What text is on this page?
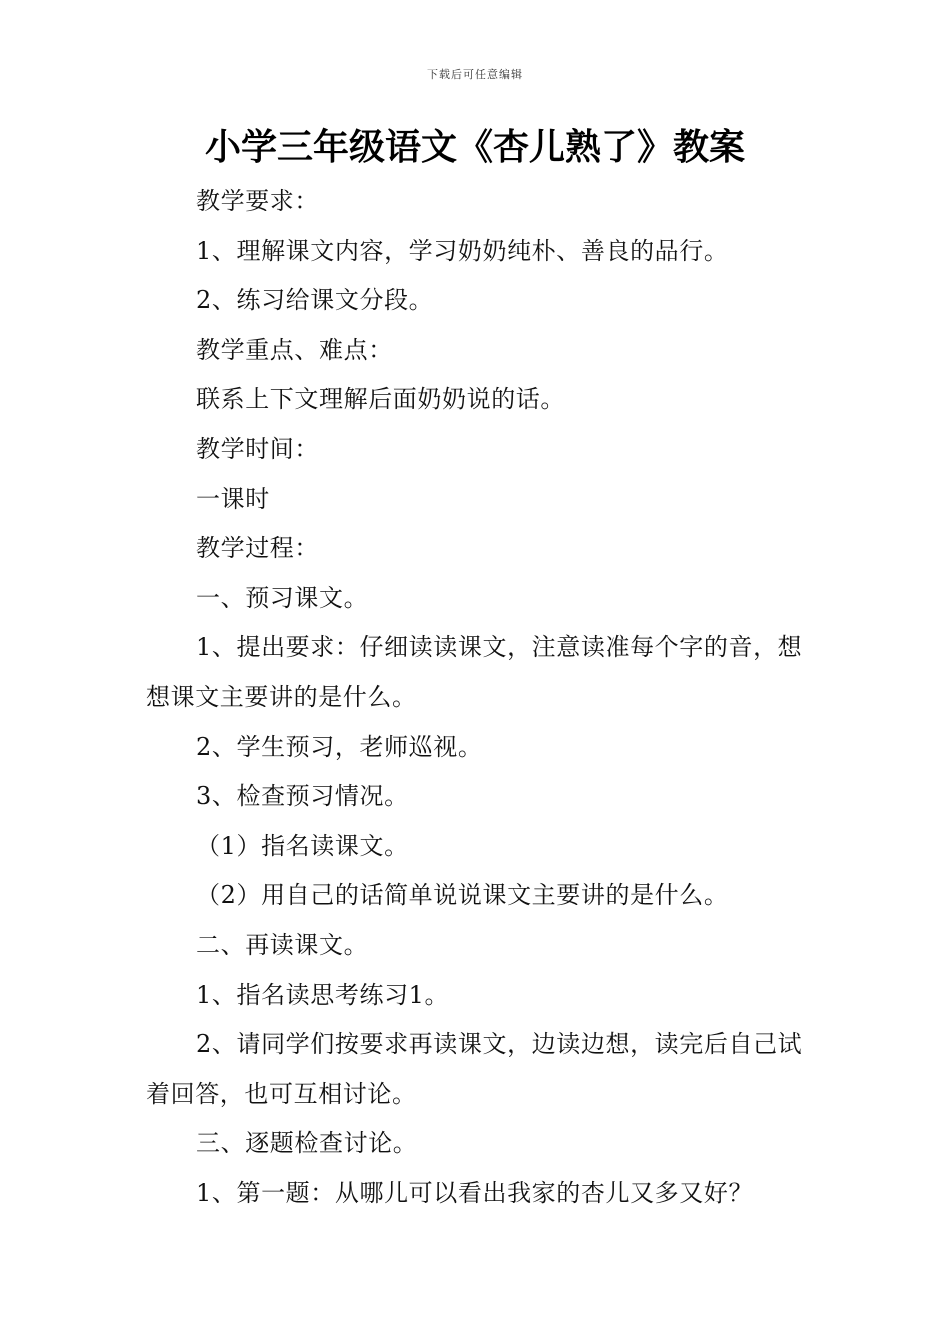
下载后可任意编辑
小学三年级语文《杏儿熟了》教案

教学要求：

1、理解课文内容，学习奶奶纯朴、善良的品行。

2、练习给课文分段。

教学重点、难点：

联系上下文理解后面奶奶说的话。

教学时间：

一课时

教学过程：

一、预习课文。

1、提出要求：仔细读读课文，注意读准每个字的音，想想课文主要讲的是什么。

2、学生预习，老师巡视。

3、检查预习情况。

（1）指名读课文。

（2）用自己的话简单说说课文主要讲的是什么。

二、再读课文。

1、指名读思考练习1。

2、请同学们按要求再读课文，边读边想，读完后自己试着回答，也可互相讨论。

三、逐题检查讨论。

1、第一题：从哪儿可以看出我家的杏儿又多又好？
